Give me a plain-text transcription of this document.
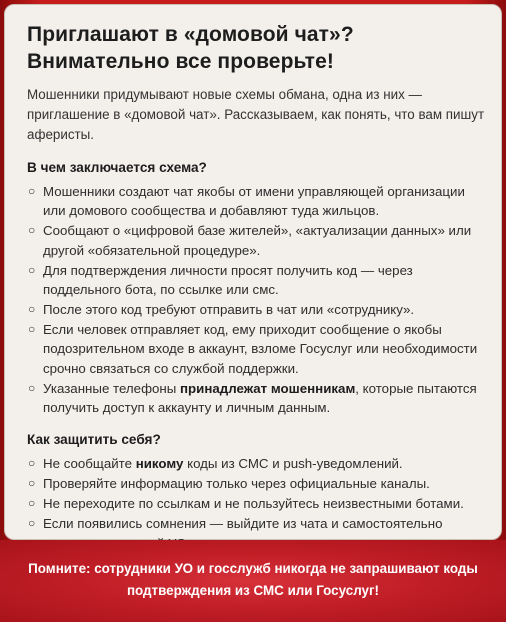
Приглашают в «домовой чат»?
Внимательно все проверьте!

Мошенники придумывают новые схемы обмана, одна из них — приглашение в «домовой чат». Рассказываем, как понять, что вам пишут аферисты.

В чем заключается схема?
○ Мошенники создают чат якобы от имени управляющей организации или домового сообщества и добавляют туда жильцов.
○ Сообщают о «цифровой базе жителей», «актуализации данных» или другой «обязательной процедуре».
○ Для подтверждения личности просят получить код — через поддельного бота, по ссылке или смс.
○ После этого код требуют отправить в чат или «сотруднику».
○ Если человек отправляет код, ему приходит сообщение о якобы подозрительном входе в аккаунт, взломе Госуслуг или необходимости срочно связаться со службой поддержки.
○ Указанные телефоны принадлежат мошенникам, которые пытаются получить доступ к аккаунту и личным данным.
Как защитить себя?
○ Не сообщайте никому коды из СМС и push-уведомлений.
○ Проверяйте информацию только через официальные каналы.
○ Не переходите по ссылкам и не пользуйтесь неизвестными ботами.
○ Если появились сомнения — выйдите из чата и самостоятельно
Помните: сотрудники УО и госслужб никогда не запрашивают коды
подтверждения из СМС или Госуслуг!
